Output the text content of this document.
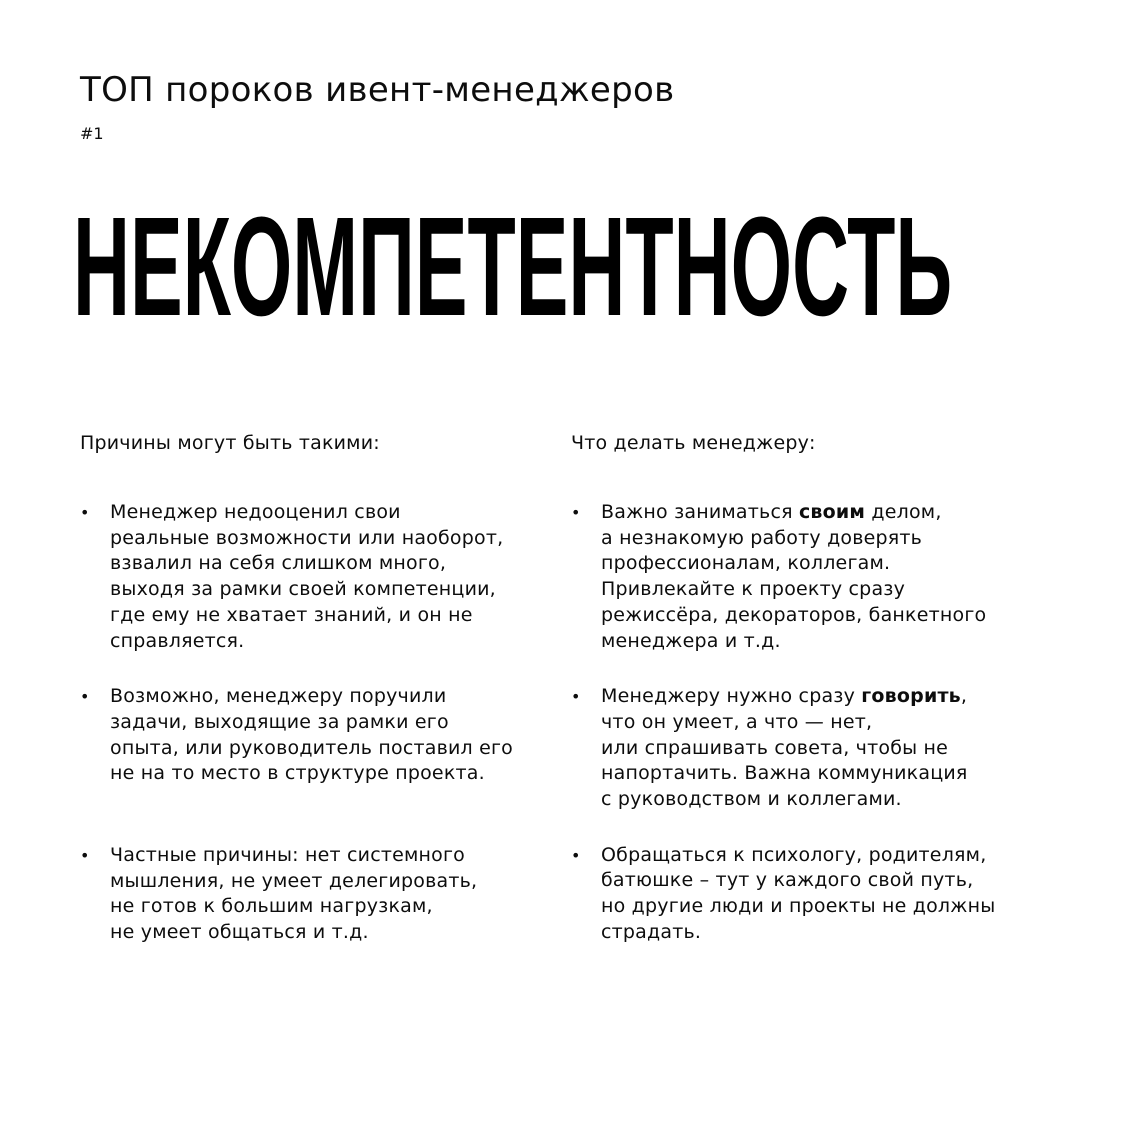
ТОП пороков ивент-менеджеров
#1
НЕКОМПЕТЕНТНОСТЬ
Причины могут быть такими:
• Менеджер недооценил свои
реальные возможности или наоборот,
взвалил на себя слишком много,
выходя за рамки своей компетенции,
где ему не хватает знаний, и он не
справляется.
• Возможно, менеджеру поручили
задачи, выходящие за рамки его
опыта, или руководитель поставил его
не на то место в структуре проекта.
• Частные причины: нет системного
мышления, не умеет делегировать,
не готов к большим нагрузкам,
не умеет общаться и т.д.
Что делать менеджеру:
• Важно заниматься своим делом,
а незнакомую работу доверять
профессионалам, коллегам.
Привлекайте к проекту сразу
режиссёра, декораторов, банкетного
менеджера и т.д.
• Менеджеру нужно сразу говорить,
что он умеет, а что — нет,
или спрашивать совета, чтобы не
напортачить. Важна коммуникация
с руководством и коллегами.
• Обращаться к психологу, родителям,
батюшке – тут у каждого свой путь,
но другие люди и проекты не должны
страдать.
